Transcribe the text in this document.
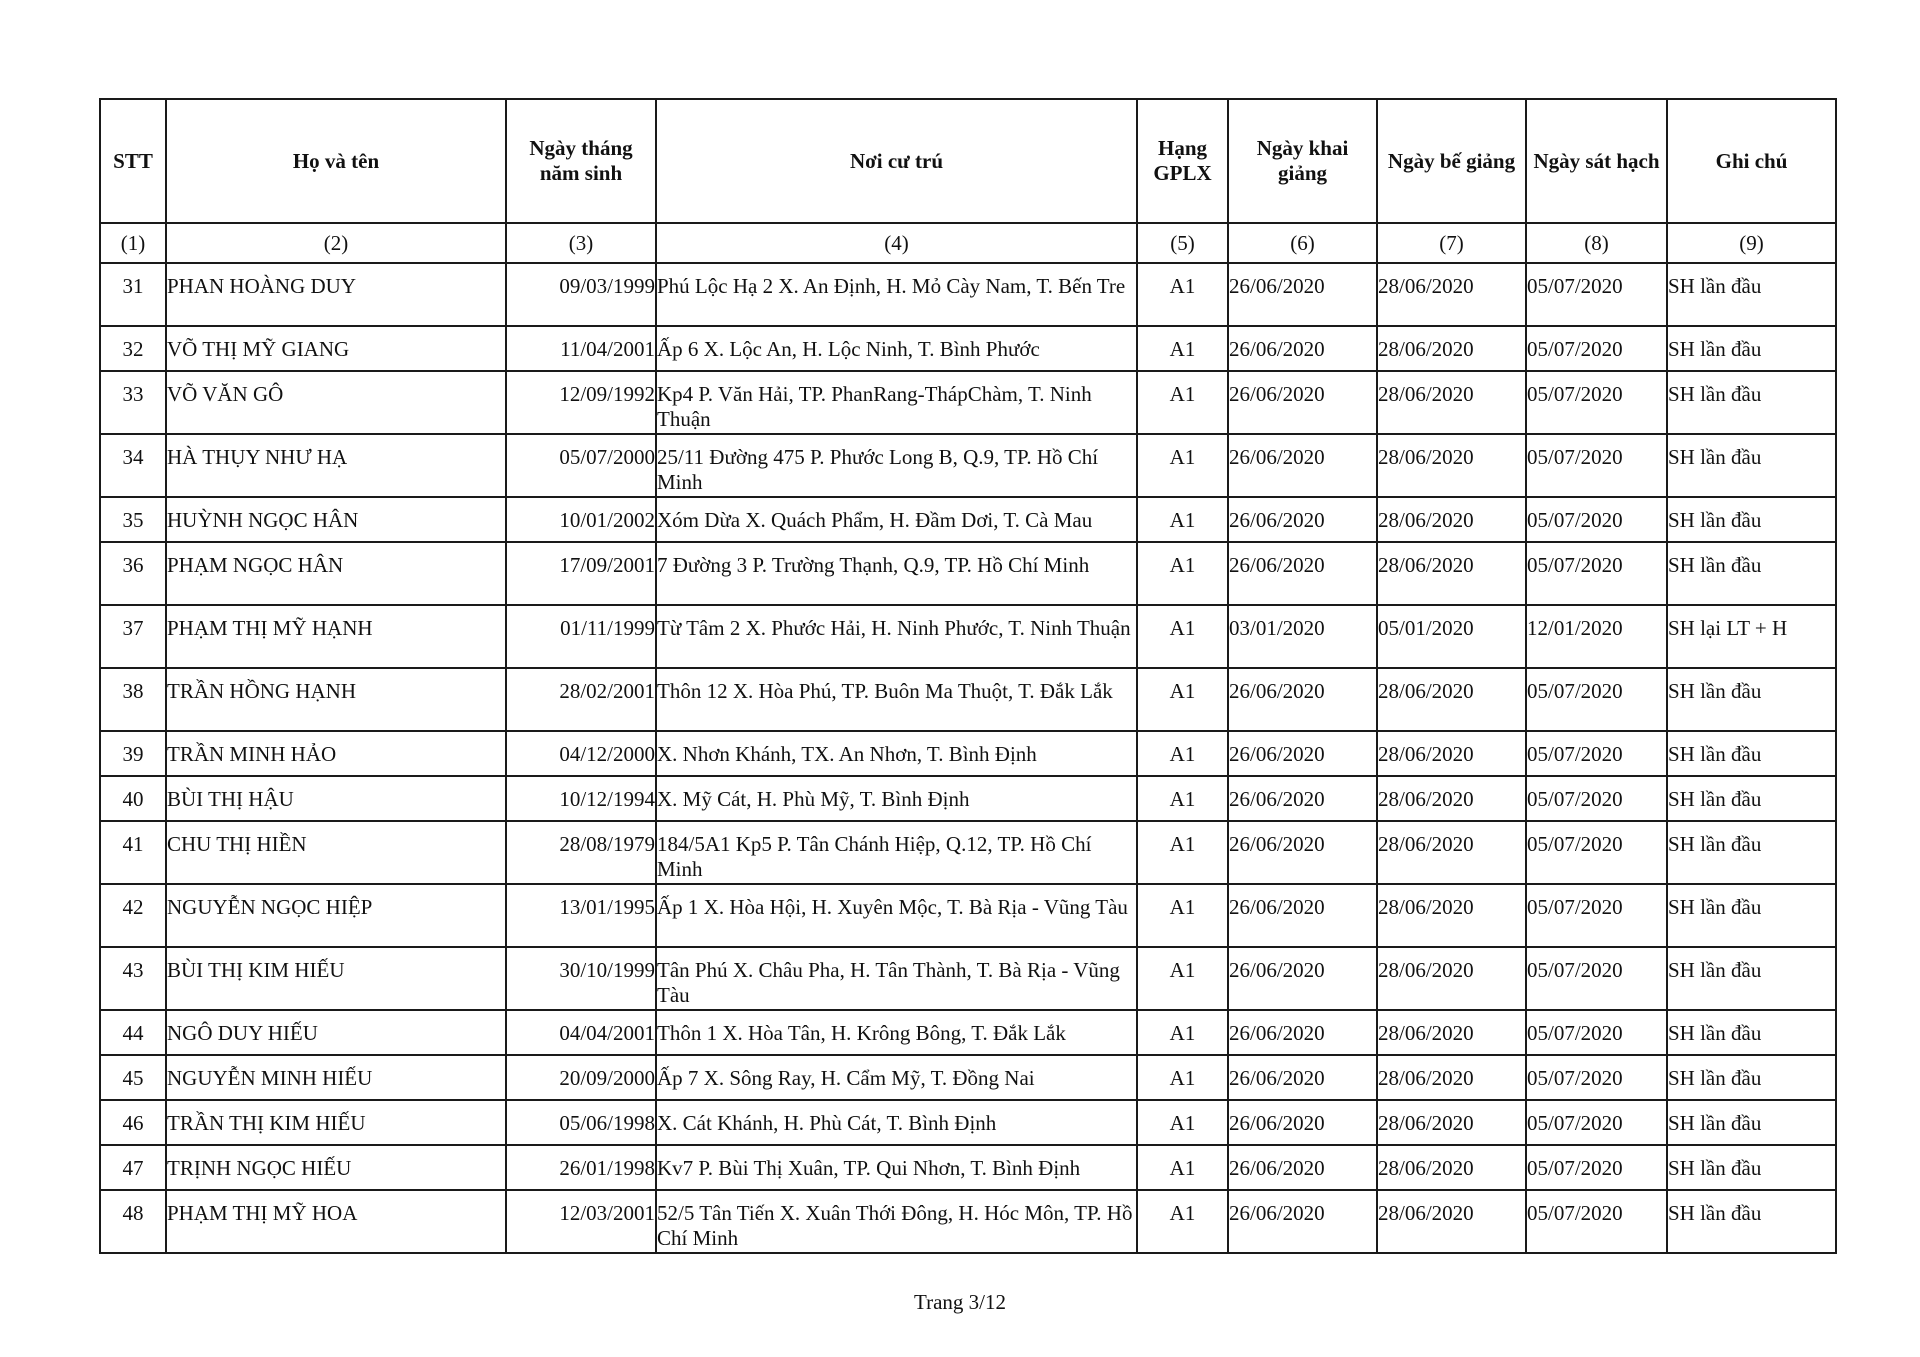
STT	Họ và tên	Ngày tháng năm sinh	Nơi cư trú	Hạng GPLX	Ngày khai giảng	Ngày bế giảng	Ngày sát hạch	Ghi chú
(1)	(2)	(3)	(4)	(5)	(6)	(7)	(8)	(9)
31	PHAN HOÀNG DUY	09/03/1999	Phú Lộc Hạ 2 X. An Định, H. Mỏ Cày Nam, T. Bến Tre	A1	26/06/2020	28/06/2020	05/07/2020	SH lần đầu
32	VÕ THỊ MỸ GIANG	11/04/2001	Ấp 6 X. Lộc An, H. Lộc Ninh, T. Bình Phước	A1	26/06/2020	28/06/2020	05/07/2020	SH lần đầu
33	VÕ VĂN GÔ	12/09/1992	Kp4 P. Văn Hải, TP. PhanRang-ThápChàm, T. Ninh Thuận	A1	26/06/2020	28/06/2020	05/07/2020	SH lần đầu
34	HÀ THỤY NHƯ HẠ	05/07/2000	25/11 Đường 475 P. Phước Long B, Q.9, TP. Hồ Chí Minh	A1	26/06/2020	28/06/2020	05/07/2020	SH lần đầu
35	HUỲNH NGỌC HÂN	10/01/2002	Xóm Dừa X. Quách Phẩm, H. Đầm Dơi, T. Cà Mau	A1	26/06/2020	28/06/2020	05/07/2020	SH lần đầu
36	PHẠM NGỌC HÂN	17/09/2001	7 Đường 3 P. Trường Thạnh, Q.9, TP. Hồ Chí Minh	A1	26/06/2020	28/06/2020	05/07/2020	SH lần đầu
37	PHẠM THỊ MỸ HẠNH	01/11/1999	Từ Tâm 2 X. Phước Hải, H. Ninh Phước, T. Ninh Thuận	A1	03/01/2020	05/01/2020	12/01/2020	SH lại LT + H
38	TRẦN HỒNG HẠNH	28/02/2001	Thôn 12 X. Hòa Phú, TP. Buôn Ma Thuột, T. Đắk Lắk	A1	26/06/2020	28/06/2020	05/07/2020	SH lần đầu
39	TRẦN MINH HẢO	04/12/2000	X. Nhơn Khánh, TX. An Nhơn, T. Bình Định	A1	26/06/2020	28/06/2020	05/07/2020	SH lần đầu
40	BÙI THỊ HẬU	10/12/1994	X. Mỹ Cát, H. Phù Mỹ, T. Bình Định	A1	26/06/2020	28/06/2020	05/07/2020	SH lần đầu
41	CHU THỊ HIỀN	28/08/1979	184/5A1 Kp5 P. Tân Chánh Hiệp, Q.12, TP. Hồ Chí Minh	A1	26/06/2020	28/06/2020	05/07/2020	SH lần đầu
42	NGUYỄN NGỌC HIỆP	13/01/1995	Ấp 1 X. Hòa Hội, H. Xuyên Mộc, T. Bà Rịa - Vũng Tàu	A1	26/06/2020	28/06/2020	05/07/2020	SH lần đầu
43	BÙI THỊ KIM HIẾU	30/10/1999	Tân Phú X. Châu Pha, H. Tân Thành, T. Bà Rịa - Vũng Tàu	A1	26/06/2020	28/06/2020	05/07/2020	SH lần đầu
44	NGÔ DUY HIẾU	04/04/2001	Thôn 1 X. Hòa Tân, H. Krông Bông, T. Đắk Lắk	A1	26/06/2020	28/06/2020	05/07/2020	SH lần đầu
45	NGUYỄN MINH HIẾU	20/09/2000	Ấp 7 X. Sông Ray, H. Cẩm Mỹ, T. Đồng Nai	A1	26/06/2020	28/06/2020	05/07/2020	SH lần đầu
46	TRẦN THỊ KIM HIẾU	05/06/1998	X. Cát Khánh, H. Phù Cát, T. Bình Định	A1	26/06/2020	28/06/2020	05/07/2020	SH lần đầu
47	TRỊNH NGỌC HIẾU	26/01/1998	Kv7 P. Bùi Thị Xuân, TP. Qui Nhơn, T. Bình Định	A1	26/06/2020	28/06/2020	05/07/2020	SH lần đầu
48	PHẠM THỊ MỸ HOA	12/03/2001	52/5 Tân Tiến X. Xuân Thới Đông, H. Hóc Môn, TP. Hồ Chí Minh	A1	26/06/2020	28/06/2020	05/07/2020	SH lần đầu
Trang 3/12
